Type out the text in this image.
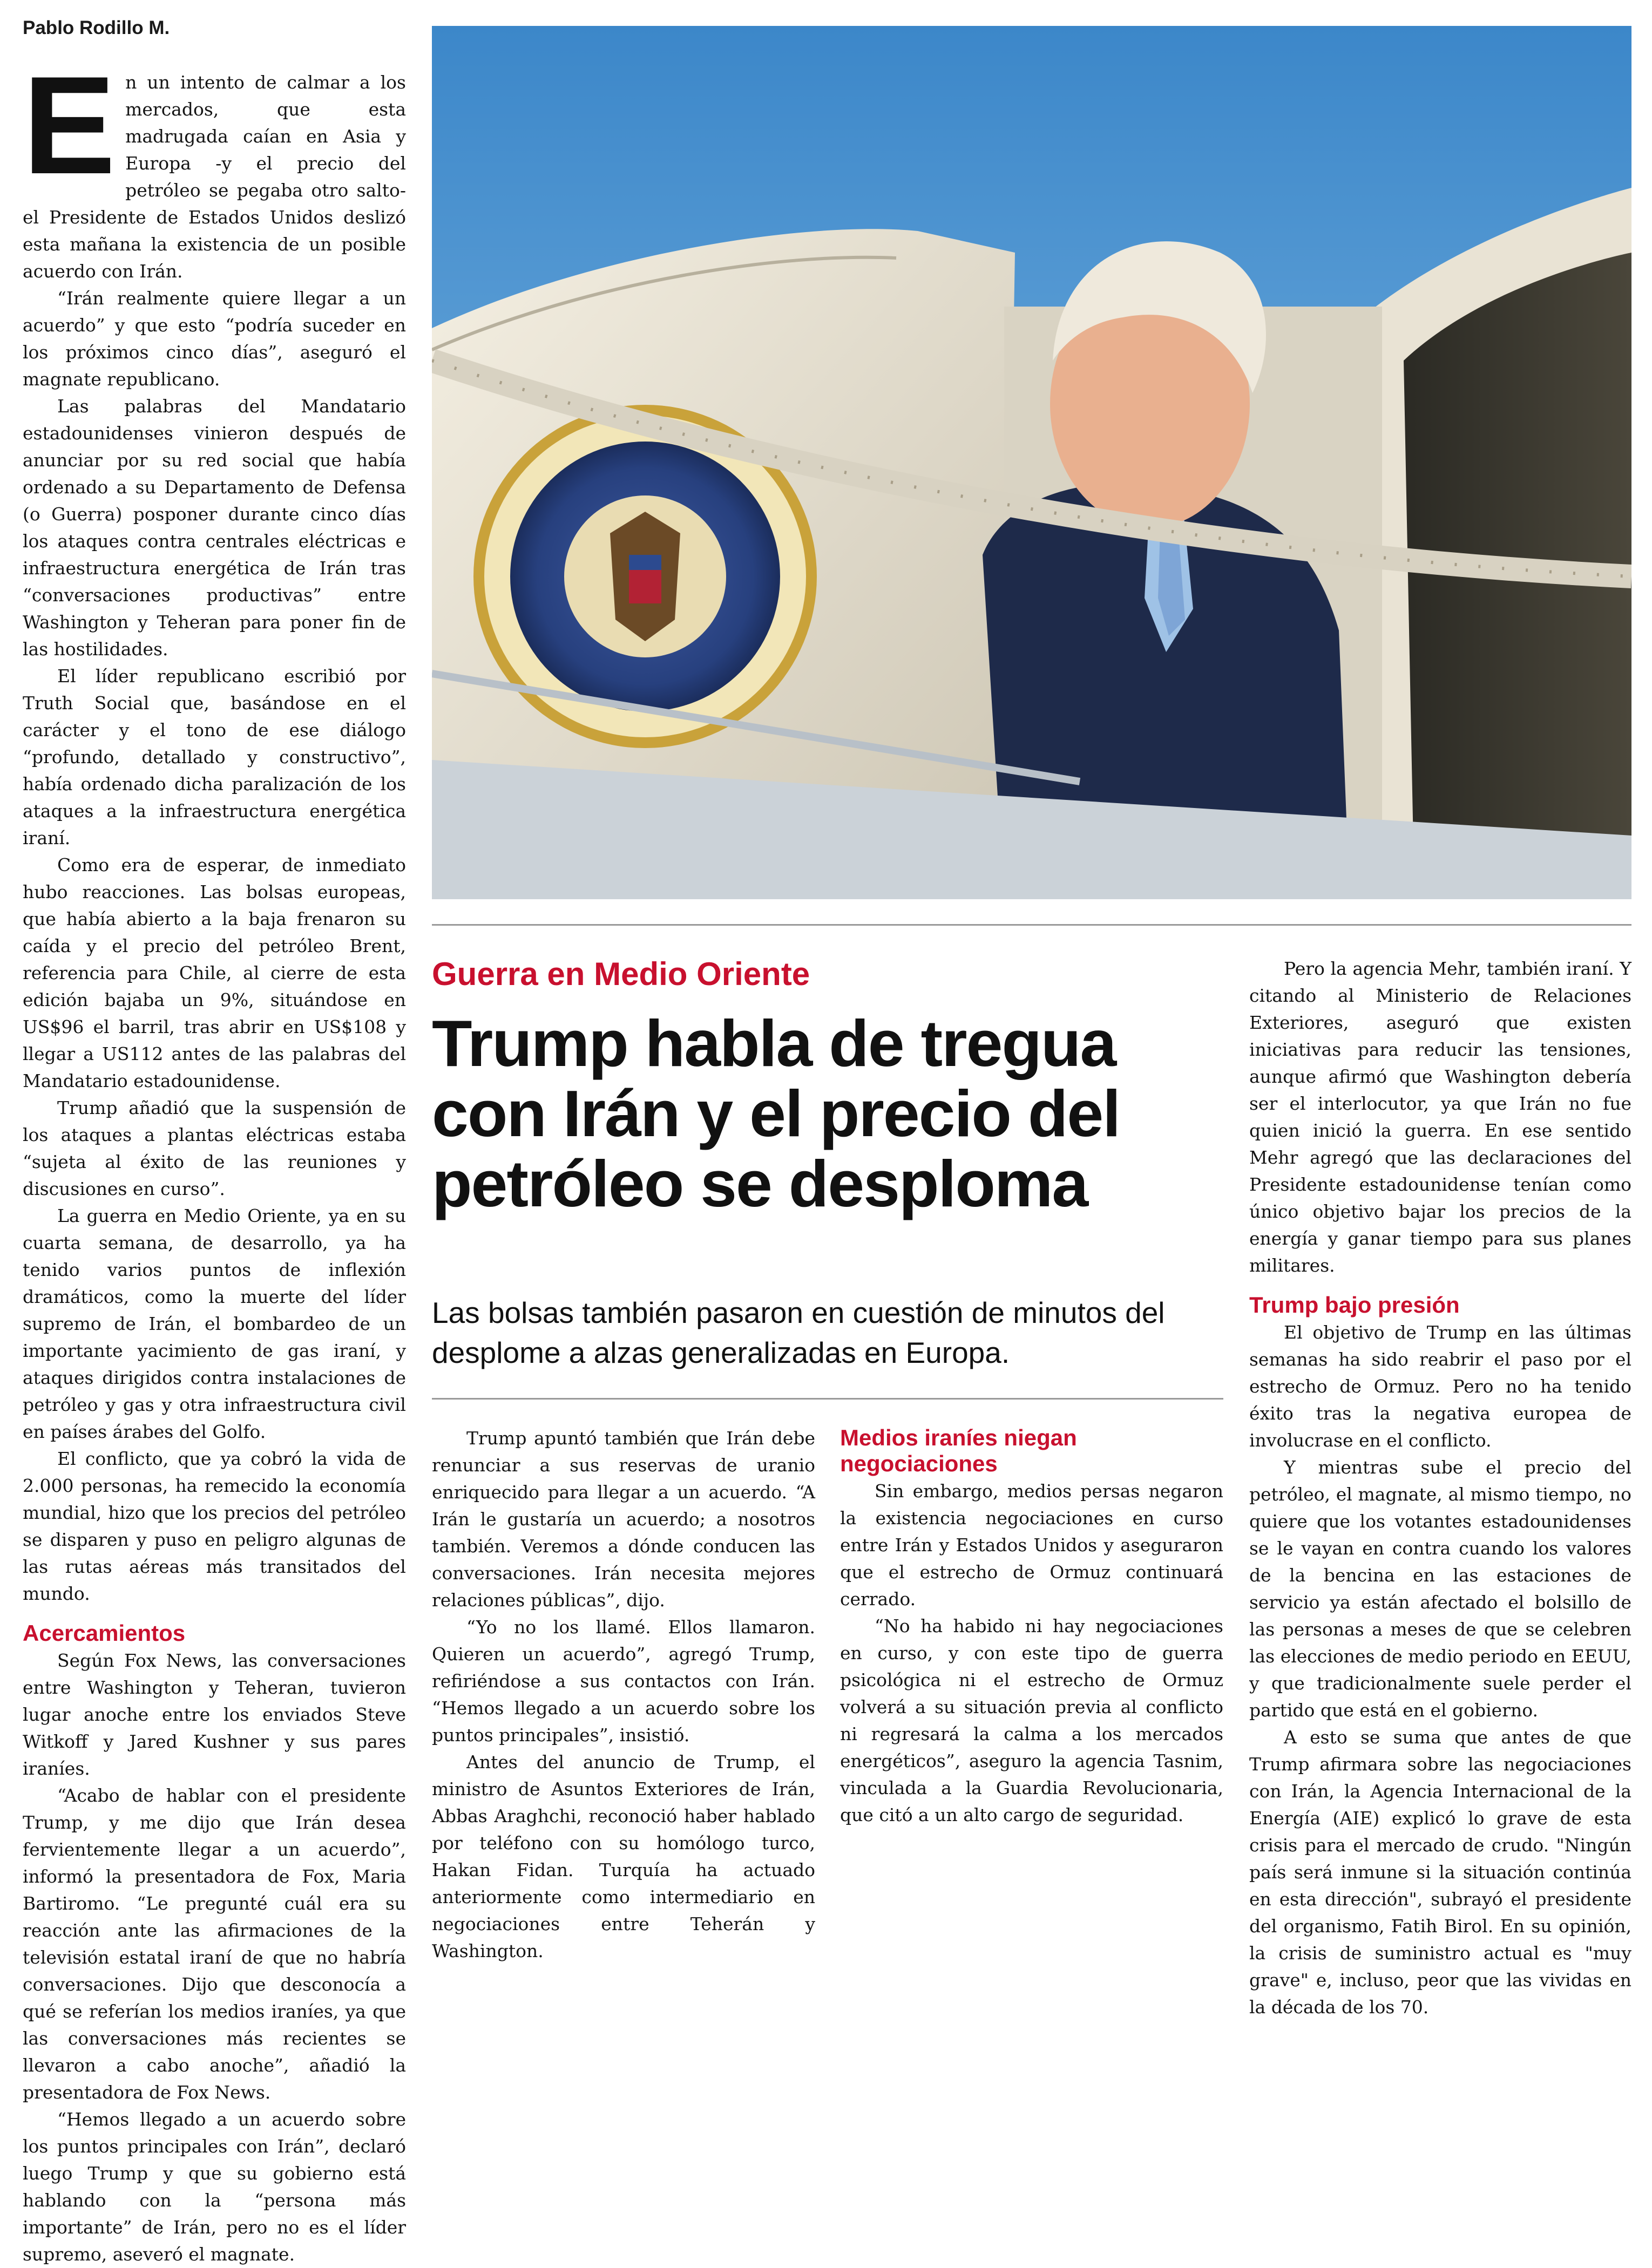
Pablo Rodillo M.

En un intento de calmar a los mercados, que esta madrugada caían en Asia y Europa -y el precio del petróleo se pegaba otro salto- el Presidente de Estados Unidos deslizó esta mañana la existencia de un posible acuerdo con Irán.

“Irán realmente quiere llegar a un acuerdo” y que esto “podría suceder en los próximos cinco días”, aseguró el magnate republicano.

Las palabras del Mandatario estadounidenses vinieron después de anunciar por su red social que había ordenado a su Departamento de Defensa (o Guerra) posponer durante cinco días los ataques contra centrales eléctricas e infraestructura energética de Irán tras “conversaciones productivas” entre Washington y Teheran para poner fin de las hostilidades.

El líder republicano escribió por Truth Social que, basándose en el carácter y el tono de ese diálogo “profundo, detallado y constructivo”, había ordenado dicha paralización de los ataques a la infraestructura energética iraní.

Como era de esperar, de inmediato hubo reacciones. Las bolsas europeas, que había abierto a la baja frenaron su caída y el precio del petróleo Brent, referencia para Chile, al cierre de esta edición bajaba un 9%, situándose en US$96 el barril, tras abrir en US$108 y llegar a US112 antes de las palabras del Mandatario estadounidense.

Trump añadió que la suspensión de los ataques a plantas eléctricas estaba “sujeta al éxito de las reuniones y discusiones en curso”.

La guerra en Medio Oriente, ya en su cuarta semana, de desarrollo, ya ha tenido varios puntos de inflexión dramáticos, como la muerte del líder supremo de Irán, el bombardeo de un importante yacimiento de gas iraní, y ataques dirigidos contra instalaciones de petróleo y gas y otra infraestructura civil en países árabes del Golfo.

El conflicto, que ya cobró la vida de 2.000 personas, ha remecido la economía mundial, hizo que los precios del petróleo se disparen y puso en peligro algunas de las rutas aéreas más transitados del mundo.

Acercamientos

Según Fox News, las conversaciones entre Washington y Teheran, tuvieron lugar anoche entre los enviados Steve Witkoff y Jared Kushner y sus pares iraníes.

“Acabo de hablar con el presidente Trump, y me dijo que Irán desea fervientemente llegar a un acuerdo”, informó la presentadora de Fox, Maria Bartiromo. “Le pregunté cuál era su reacción ante las afirmaciones de la televisión estatal iraní de que no habría conversaciones. Dijo que desconocía a qué se referían los medios iraníes, ya que las conversaciones más recientes se llevaron a cabo anoche”, añadió la presentadora de Fox News.

“Hemos llegado a un acuerdo sobre los puntos principales con Irán”, declaró luego Trump y que su gobierno está hablando con la “persona más importante” de Irán, pero no es el líder supremo, aseveró el magnate.

Guerra en Medio Oriente
Trump habla de tregua con Irán y el precio del petróleo se desploma
Las bolsas también pasaron en cuestión de minutos del desplome a alzas generalizadas en Europa.

Trump apuntó también que Irán debe renunciar a sus reservas de uranio enriquecido para llegar a un acuerdo. “A Irán le gustaría un acuerdo; a nosotros también. Veremos a dónde conducen las conversaciones. Irán necesita mejores relaciones públicas”, dijo.

“Yo no los llamé. Ellos llamaron. Quieren un acuerdo”, agregó Trump, refiriéndose a sus contactos con Irán. “Hemos llegado a un acuerdo sobre los puntos principales”, insistió.

Antes del anuncio de Trump, el ministro de Asuntos Exteriores de Irán, Abbas Araghchi, reconoció haber hablado por teléfono con su homólogo turco, Hakan Fidan. Turquía ha actuado anteriormente como intermediario en negociaciones entre Teherán y Washington.

Medios iraníes niegan negociaciones

Sin embargo, medios persas negaron la existencia negociaciones en curso entre Irán y Estados Unidos y aseguraron que el estrecho de Ormuz continuará cerrado.

“No ha habido ni hay negociaciones en curso, y con este tipo de guerra psicológica ni el estrecho de Ormuz volverá a su situación previa al conflicto ni regresará la calma a los mercados energéticos”, aseguro la agencia Tasnim, vinculada a la Guardia Revolucionaria, que citó a un alto cargo de seguridad.

Pero la agencia Mehr, también iraní. Y citando al Ministerio de Relaciones Exteriores, aseguró que existen iniciativas para reducir las tensiones, aunque afirmó que Washington debería ser el interlocutor, ya que Irán no fue quien inició la guerra. En ese sentido Mehr agregó que las declaraciones del Presidente estadounidense tenían como único objetivo bajar los precios de la energía y ganar tiempo para sus planes militares.

Trump bajo presión

El objetivo de Trump en las últimas semanas ha sido reabrir el paso por el estrecho de Ormuz. Pero no ha tenido éxito tras la negativa europea de involucrase en el conflicto.

Y mientras sube el precio del petróleo, el magnate, al mismo tiempo, no quiere que los votantes estadounidenses se le vayan en contra cuando los valores de la bencina en las estaciones de servicio ya están afectado el bolsillo de las personas a meses de que se celebren las elecciones de medio periodo en EEUU, y que tradicionalmente suele perder el partido que está en el gobierno.

A esto se suma que antes de que Trump afirmara sobre las negociaciones con Irán, la Agencia Internacional de la Energía (AIE) explicó lo grave de esta crisis para el mercado de crudo. "Ningún país será inmune si la situación continúa en esta dirección", subrayó el presidente del organismo, Fatih Birol. En su opinión, la crisis de suministro actual es "muy grave" e, incluso, peor que las vividas en la década de los 70.
